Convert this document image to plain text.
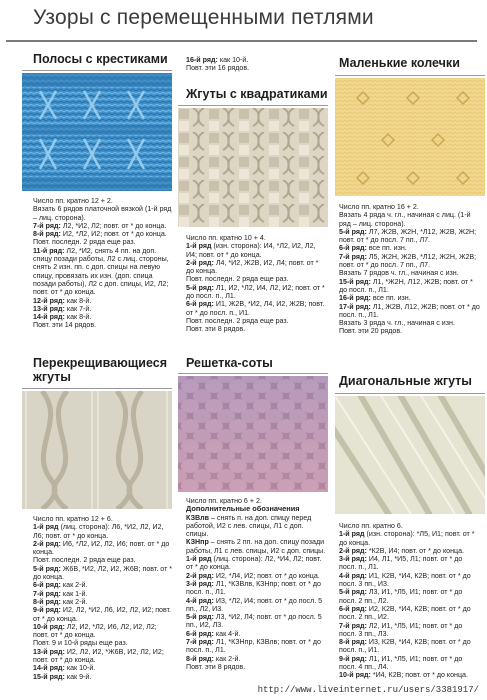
Узоры с перемещенными петлями
Полосы с крестиками

Число пп. кратно 12 + 2.

Вязать 6 рядов платочной вязкой (1-й ряд – лиц. сторона).

7-й ряд: Л2, *И2, Л2; повт. от * до конца.

8-й ряд: И2, *Л2, И2; повт. от * до конца.

Повт. последн. 2 ряда еще раз.

11-й ряд: Л2, *И2, снять 4 пп. на доп. спицу позади работы, Л2 с лиц. стороны, снять 2 изн. пп. с доп. спицы на левую спицу, провязать их изн. (доп. спица позади работы), Л2 с доп. спицы, И2, Л2; повт. от * до конца.

12-й ряд: как 8-й.

13-й ряд: как 7-й.

14-й ряд: как 8-й.

Повт. эти 14 рядов.

16-й ряд: как 10-й.

Повт. эти 16 рядов.

Жгуты с квадратиками

Число пп. кратно 10 + 4.

1-й ряд (изн. сторона): И4, *Л2, И2, Л2, И4; повт. от * до конца.

2-й ряд: Л4, *И2, Ж2В, И2, Л4; повт. от * до конца.

Повт. последн. 2 ряда еще раз.

5-й ряд: Л1, И2, *Л2, И4, Л2, И2; повт. от * до посл. п., Л1.

6-й ряд: И1, Ж2В, *И2, Л4, И2, Ж2В; повт. от * до посл. п., И1.

Повт. последн. 2 ряда еще раз.

Повт. эти 8 рядов.

Маленькие колечки

Число пп. кратно 16 + 2.

Вязать 4 ряда ч. гл., начиная с лиц. (1-й ряд – лиц. сторона).

5-й ряд: Л7, Ж2В, Ж2Н, *Л12, Ж2В, Ж2Н; повт. от * до посл. 7 пп., Л7.

6-й ряд: все пп. изн.

7-й ряд: Л5, Ж2Н, Ж2В, *Л12, Ж2Н, Ж2В; повт. от * до посл. 7 пп., Л7.

Вязать 7 рядов ч. гл., начиная с изн.

15-й ряд: Л1, *Ж2Н, Л12, Ж2В; повт. от * до посл. п., Л1.

16-й ряд: все пп. изн.

17-й ряд: Л1, Ж2В, Л12, Ж2В; повт. от * до посл. п., Л1.

Вязать 3 ряда ч. гл., начиная с изн.

Повт. эти 20 рядов.

Перекрещивающиеся
жгуты

Число пп. кратно 12 + 6.

1-й ряд (лиц. сторона): Л6, *И2, Л2, И2, Л6; повт. от * до конца.

2-й ряд: И6, *Л2, И2, Л2, И6; повт. от * до конца.

Повт. последн. 2 ряда еще раз.

5-й ряд: Ж6В, *И2, Л2, И2, Ж6В; повт. от * до конца.

6-й ряд: как 2-й.

7-й ряд: как 1-й.

8-й ряд: как 2-й.

9-й ряд: И2, Л2, *И2, Л6, И2, Л2, И2; повт. от * до конца.

10-й ряд: Л2, И2, *Л2, И6, Л2, И2, Л2; повт. от * до конца.

Повт. 9 и 10-й ряды еще раз.

13-й ряд: И2, Л2, И2, *Ж6В, И2, Л2, И2; повт. от * до конца.

14-й ряд: как 10-й.

15-й ряд: как 9-й.

Решетка-соты

Число пп. кратно 6 + 2.

Дополнительные обозначения

КЗВлв – снять п. на доп. спицу перед работой, И2 с лев. спицы, Л1 с доп. спицы.

КЗНпр – снять 2 пп. на доп. спицу позади работы, Л1 с лев. спицы, И2 с доп. спицы.

1-й ряд (лиц. сторона): Л2, *И4, Л2; повт. от * до конца.

2-й ряд: И2, *Л4, И2; повт. от * до конца.

3-й ряд: Л1, *КЗВлв, КЗНпр; повт. от * до посл. п., Л1.

4-й ряд: И3, *Л2, И4; повт. от * до посл. 5 пп., Л2, И3.

5-й ряд: Л3, *И2, Л4; повт. от * до посл. 5 пп., И2, Л3.

6-й ряд: как 4-й.

7-й ряд: Л1, *КЗНпр, КЗВлв; повт. от * до посл. п., Л1.

8-й ряд: как 2-й.

Повт. эти 8 рядов.

Диагональные жгуты

Число пп. кратно 6.

1-й ряд (изн. сторона): *Л5, И1; повт. от * до конца.

2-й ряд: *К2В, И4; повт. от * до конца.

3-й ряд: И4, Л1, *И5, Л1; повт. от * до посл. п., Л1.

4-й ряд: И1, К2В, *И4, К2В; повт. от * до посл. 3 пп., И3.

5-й ряд: Л3, И1, *Л5, И1; повт. от * до посл. 2 пп., Л2.

6-й ряд: И2, К2В, *И4, К2В; повт. от * до посл. 2 пп., И2.

7-й ряд: Л2, И1, *Л5, И1; повт. от * до посл. 3 пп., Л3.

8-й ряд: И3, К2В, *И4, К2В; повт. от * до посл. п., И1.

9-й ряд: Л1, И1, *Л5, И1; повт. от * до посл. 4 пп., Л4.

10-й ряд: *И4, К2В; повт. от * до конца.

http://www.liveinternet.ru/users/3381917/
